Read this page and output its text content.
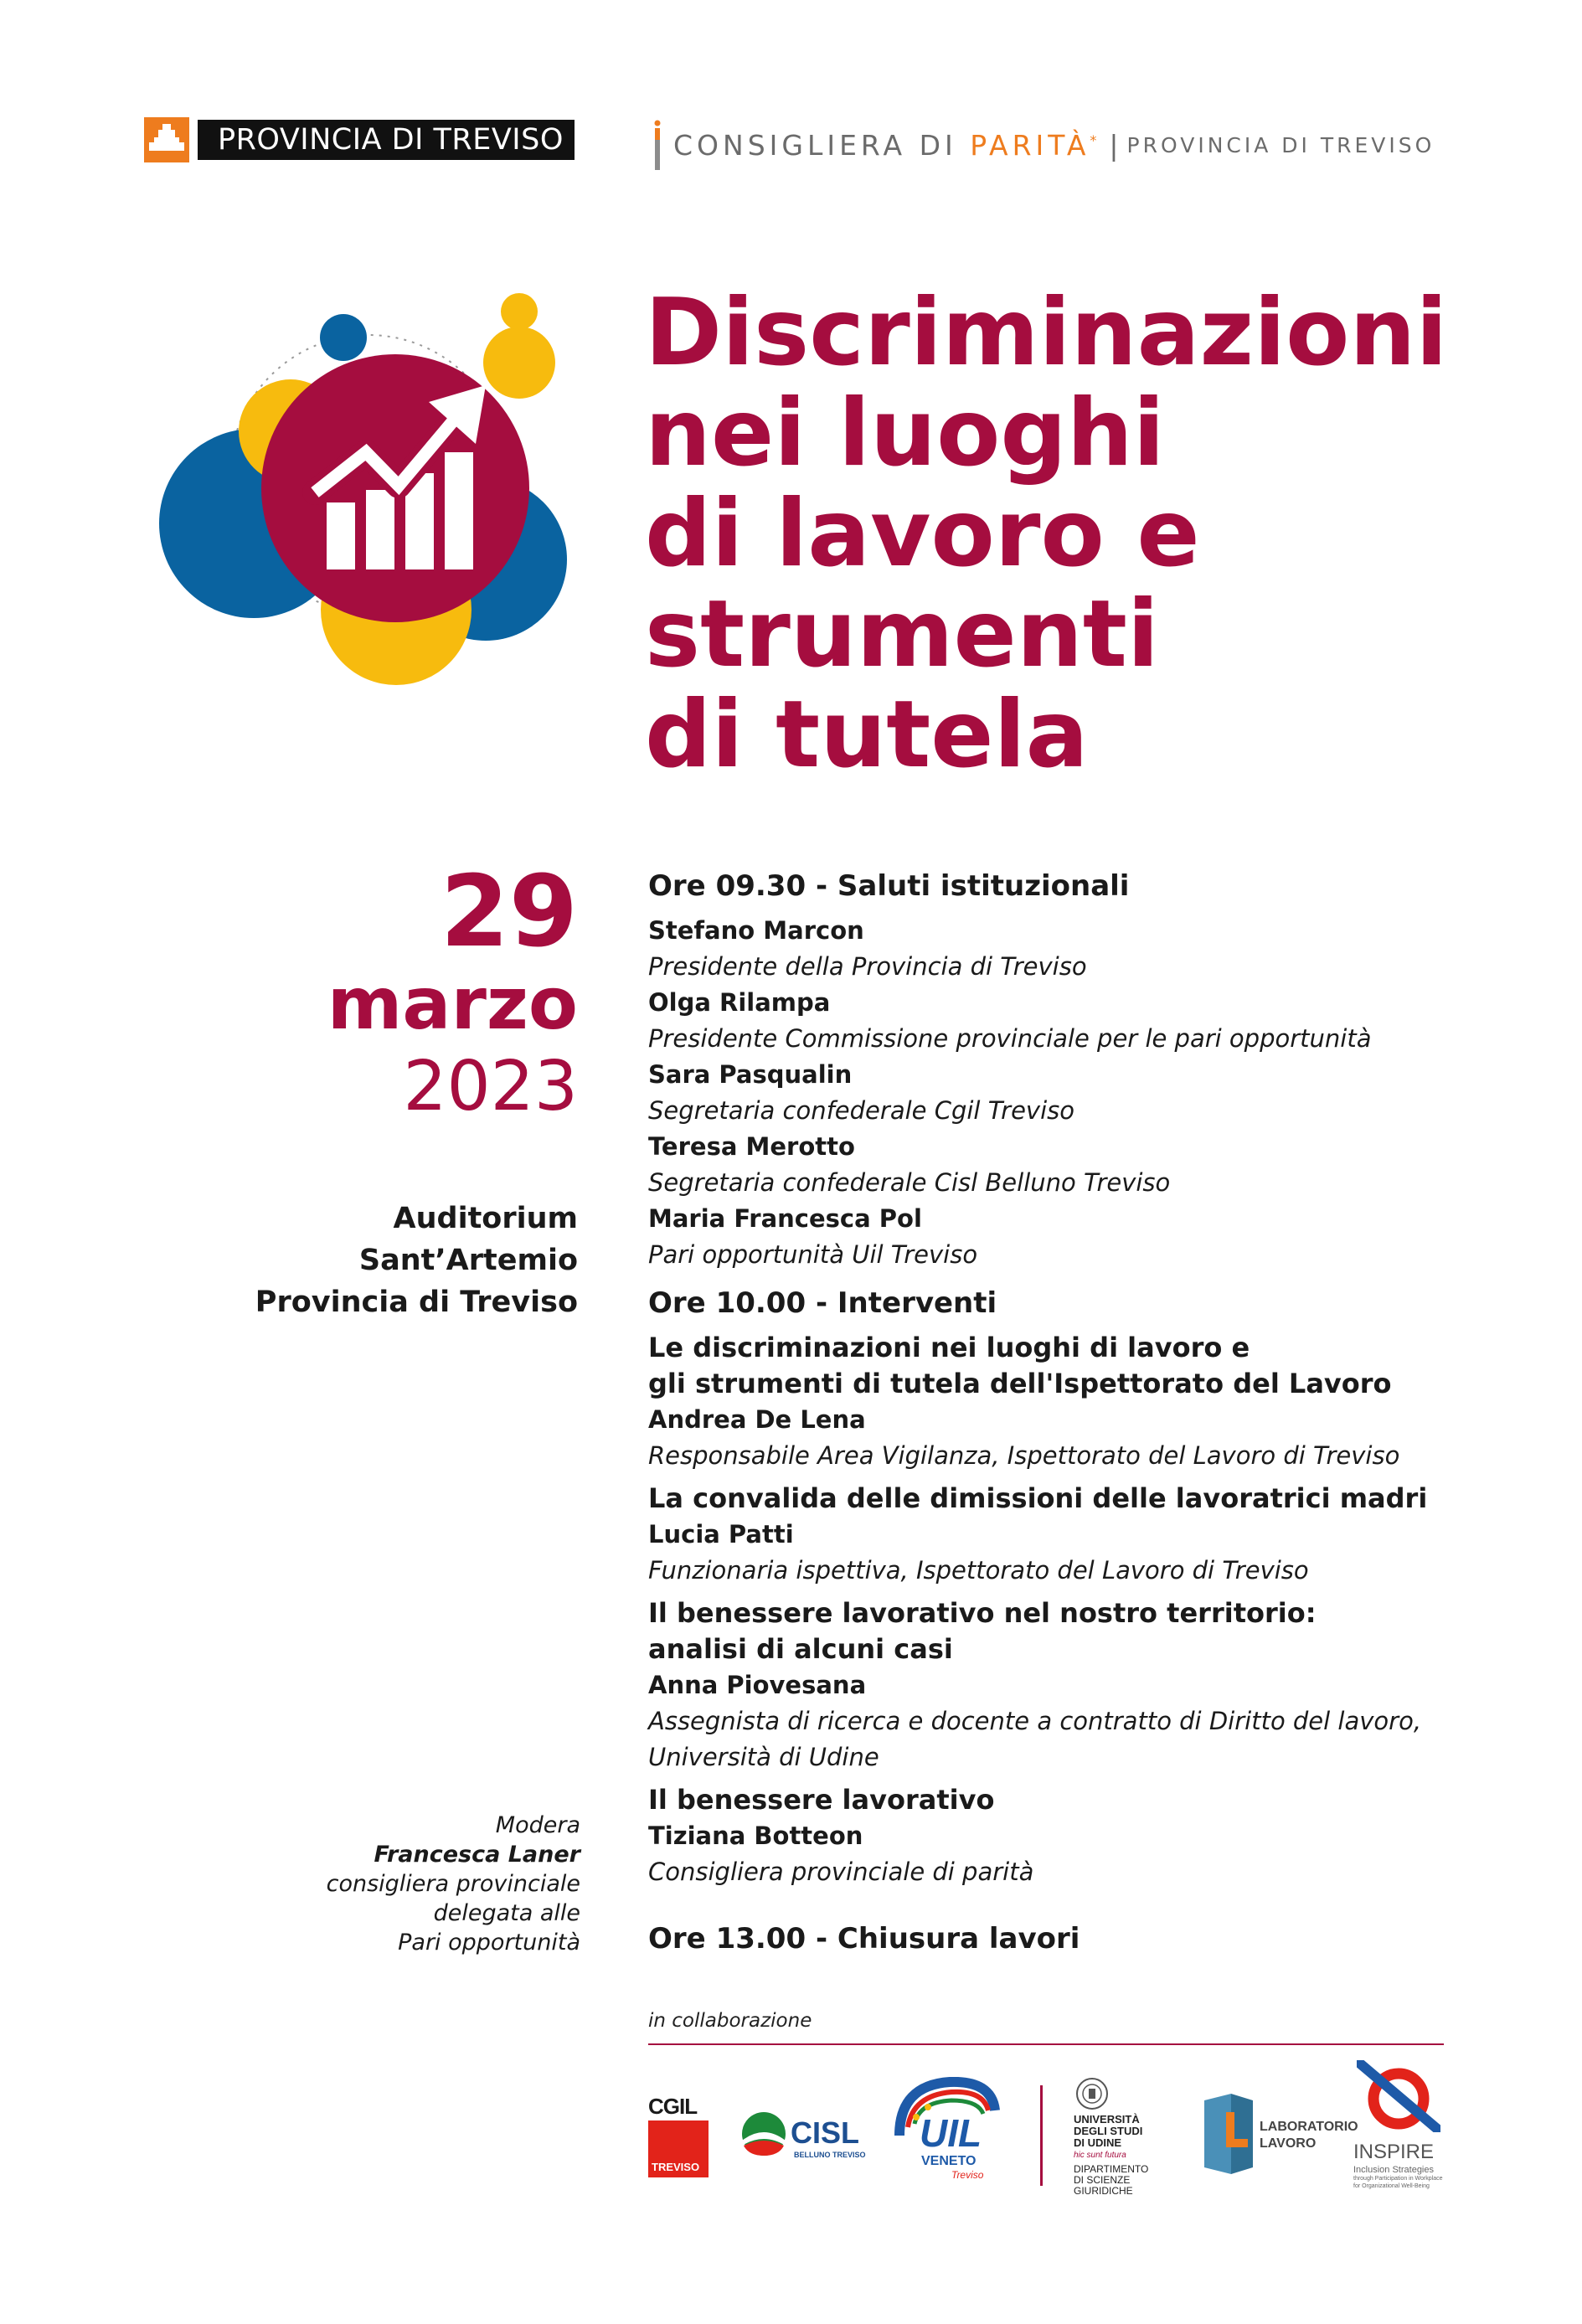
PROVINCIA DI TREVISO	CONSIGLIERA DI PARITÀ* | PROVINCIA DI TREVISO
Discriminazioni
nei luoghi
di lavoro e
strumenti
di tutela
29
marzo
2023
Auditorium
Sant’Artemio
Provincia di Treviso
Modera
Francesca Laner
consigliera provinciale
delegata alle
Pari opportunità
Ore 09.30 - Saluti istituzionali
Stefano Marcon
Presidente della Provincia di Treviso
Olga Rilampa
Presidente Commissione provinciale per le pari opportunità
Sara Pasqualin
Segretaria confederale Cgil Treviso
Teresa Merotto
Segretaria confederale Cisl Belluno Treviso
Maria Francesca Pol
Pari opportunità Uil Treviso
Ore 10.00 - Interventi
Le discriminazioni nei luoghi di lavoro e
gli strumenti di tutela dell'Ispettorato del Lavoro
Andrea De Lena
Responsabile Area Vigilanza, Ispettorato del Lavoro di Treviso
La convalida delle dimissioni delle lavoratrici madri
Lucia Patti
Funzionaria ispettiva, Ispettorato del Lavoro di Treviso
Il benessere lavorativo nel nostro territorio:
analisi di alcuni casi
Anna Piovesana
Assegnista di ricerca e docente a contratto di Diritto del lavoro,
Università di Udine
Il benessere lavorativo
Tiziana Botteon
Consigliera provinciale di parità
Ore 13.00 - Chiusura lavori
in collaborazione
CGIL
TREVISO
CISL
BELLUNO TREVISO UIL
VENETO
Treviso
UNIVERSITÀ
DEGLI STUDI
DI UDINE
hic sunt futura
DIPARTIMENTO
DI SCIENZE
GIURIDICHE
LABORATORIO
LAVORO	INSPIRE
Inclusion Strategies
through Participation in Workplace
for Organizational Well-Being
